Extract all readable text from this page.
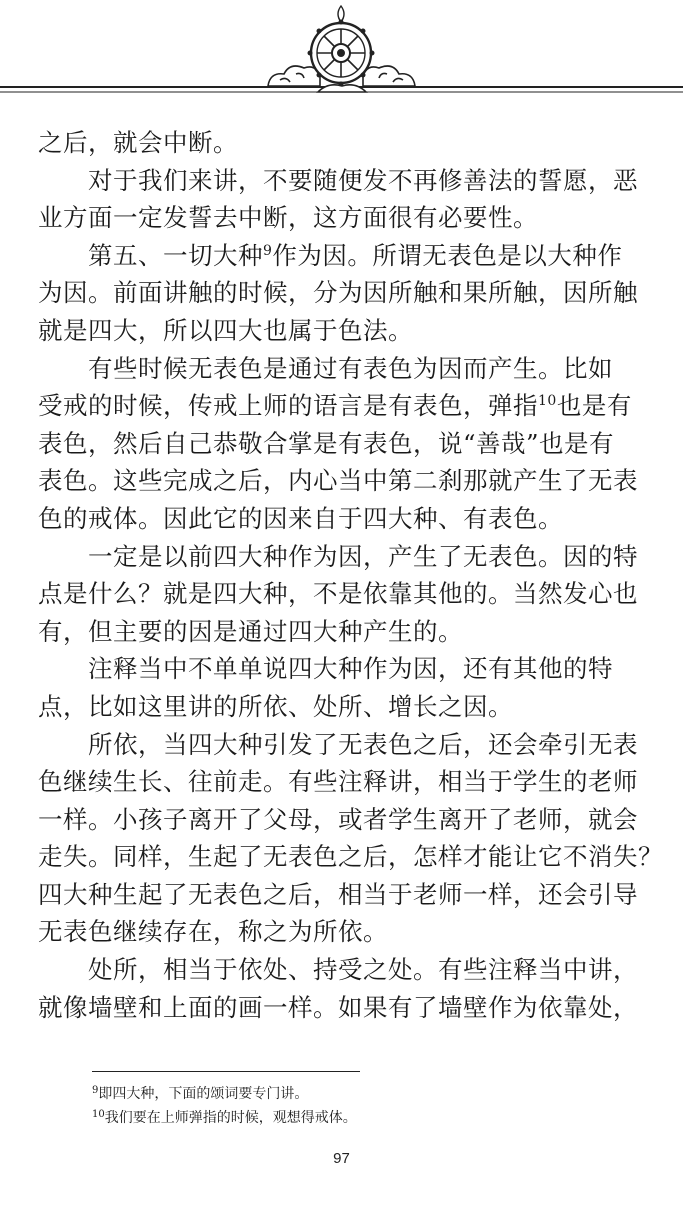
之后，就会中断。

对于我们来讲，不要随便发不再修善法的誓愿，恶
业方面一定发誓去中断，这方面很有必要性。

第五、一切大种$^9$作为因。所谓无表色是以大种作
为因。前面讲触的时候，分为因所触和果所触，因所触
就是四大，所以四大也属于色法。

有些时候无表色是通过有表色为因而产生。比如
受戒的时候，传戒上师的语言是有表色，弹指$^{10}$也是有
表色，然后自己恭敬合掌是有表色，说“善哉”也是有
表色。这些完成之后，内心当中第二刹那就产生了无表
色的戒体。因此它的因来自于四大种、有表色。

一定是以前四大种作为因，产生了无表色。因的特
点是什么？就是四大种，不是依靠其他的。当然发心也
有，但主要的因是通过四大种产生的。

注释当中不单单说四大种作为因，还有其他的特
点，比如这里讲的所依、处所、增长之因。

所依，当四大种引发了无表色之后，还会牵引无表
色继续生长、往前走。有些注释讲，相当于学生的老师
一样。小孩子离开了父母，或者学生离开了老师，就会
走失。同样，生起了无表色之后，怎样才能让它不消失？
四大种生起了无表色之后，相当于老师一样，还会引导
无表色继续存在，称之为所依。

处所，相当于依处、持受之处。有些注释当中讲，
就像墙壁和上面的画一样。如果有了墙壁作为依靠处，

$^9$即四大种，下面的颂词要专门讲。

$^{10}$我们要在上师弹指的时候，观想得戒体。

97
